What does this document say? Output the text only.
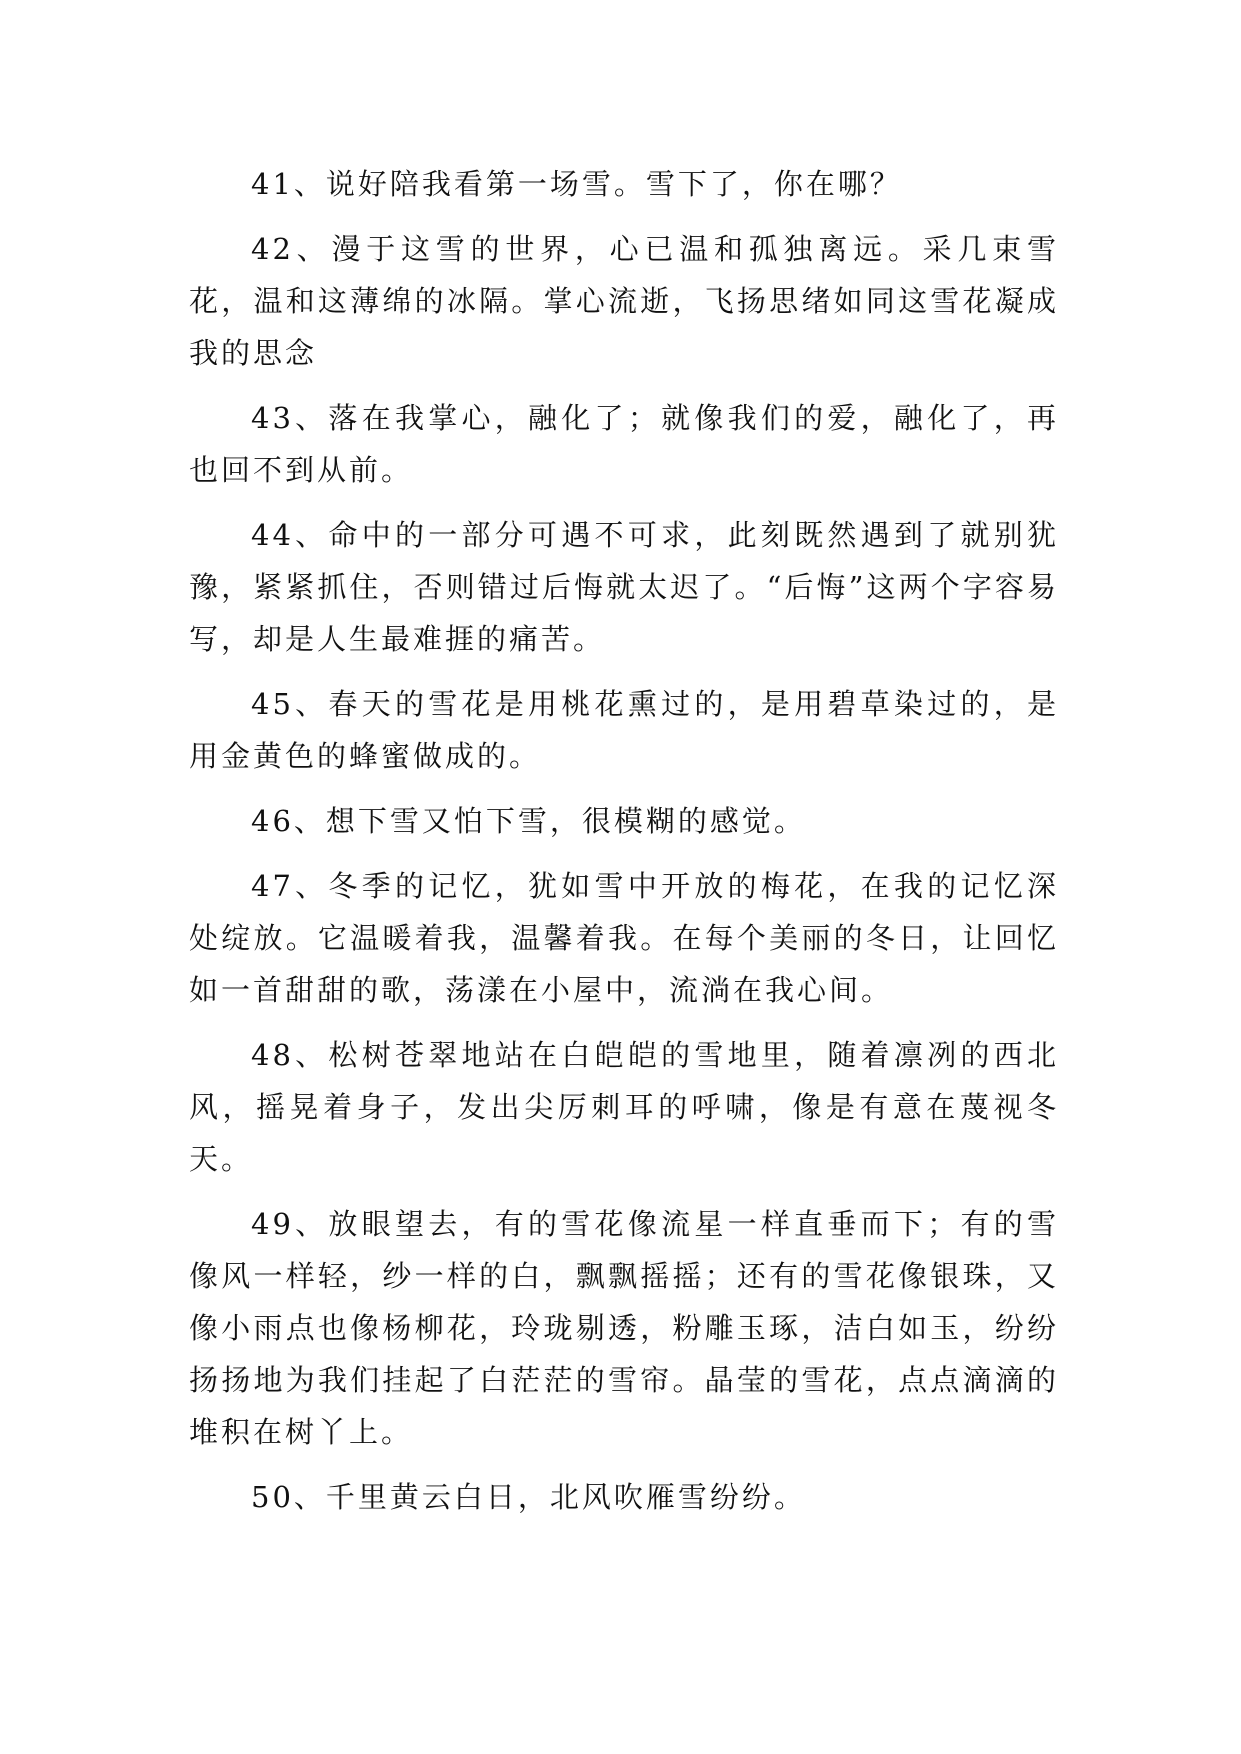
41、说好陪我看第一场雪。雪下了，你在哪？

42、漫于这雪的世界，心已温和孤独离远。采几束雪花，温和这薄绵的冰隔。掌心流逝，飞扬思绪如同这雪花凝成我的思念

43、落在我掌心，融化了；就像我们的爱，融化了，再也回不到从前。

44、命中的一部分可遇不可求，此刻既然遇到了就别犹豫，紧紧抓住，否则错过后悔就太迟了。“后悔”这两个字容易写，却是人生最难捱的痛苦。

45、春天的雪花是用桃花熏过的，是用碧草染过的，是用金黄色的蜂蜜做成的。

46、想下雪又怕下雪，很模糊的感觉。

47、冬季的记忆，犹如雪中开放的梅花，在我的记忆深处绽放。它温暖着我，温馨着我。在每个美丽的冬日，让回忆如一首甜甜的歌，荡漾在小屋中，流淌在我心间。

48、松树苍翠地站在白皑皑的雪地里，随着凛冽的西北风，摇晃着身子，发出尖厉刺耳的呼啸，像是有意在蔑视冬天。

49、放眼望去，有的雪花像流星一样直垂而下；有的雪像风一样轻，纱一样的白，飘飘摇摇；还有的雪花像银珠，又像小雨点也像杨柳花，玲珑剔透，粉雕玉琢，洁白如玉，纷纷扬扬地为我们挂起了白茫茫的雪帘。晶莹的雪花，点点滴滴的堆积在树丫上。

50、千里黄云白日，北风吹雁雪纷纷。
